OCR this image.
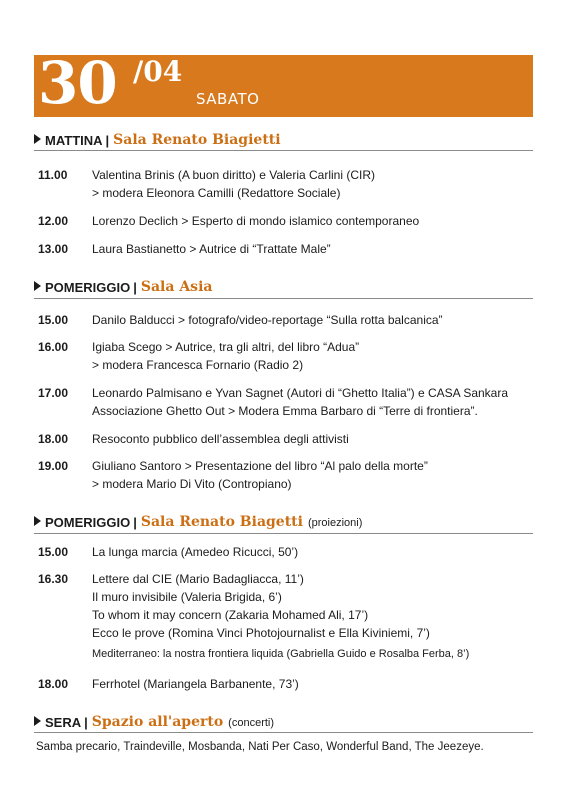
30 /04
SABATO
MATTINA | Sala Renato Biagietti
11.00 Valentina Brinis (A buon diritto) e Valeria Carlini (CIR)
> modera Eleonora Camilli (Redattore Sociale)
12.00 Lorenzo Declich > Esperto di mondo islamico contemporaneo
13.00 Laura Bastianetto > Autrice di “Trattate Male”
POMERIGGIO | Sala Asia
15.00 Danilo Balducci > fotografo/video-reportage “Sulla rotta balcanica”
16.00 Igiaba Scego > Autrice, tra gli altri, del libro “Adua”
> modera Francesca Fornario (Radio 2)
17.00 Leonardo Palmisano e Yvan Sagnet (Autori di “Ghetto Italia”) e CASA Sankara
Associazione Ghetto Out > Modera Emma Barbaro di “Terre di frontiera”.
18.00 Resoconto pubblico dell’assemblea degli attivisti
19.00 Giuliano Santoro > Presentazione del libro “Al palo della morte”
> modera Mario Di Vito (Contropiano)
POMERIGGIO | Sala Renato Biagetti (proiezioni)
15.00 La lunga marcia (Amedeo Ricucci, 50’)
16.30 Lettere dal CIE (Mario Badagliacca, 11’)
Il muro invisibile (Valeria Brigida, 6’)
To whom it may concern (Zakaria Mohamed Ali, 17’)
Ecco le prove (Romina Vinci Photojournalist e Ella Kiviniemi, 7’)
Mediterraneo: la nostra frontiera liquida (Gabriella Guido e Rosalba Ferba, 8’)
18.00 Ferrhotel (Mariangela Barbanente, 73’)
SERA | Spazio all'aperto (concerti)
Samba precario, Traindeville, Mosbanda, Nati Per Caso, Wonderful Band, The Jeezeye.
